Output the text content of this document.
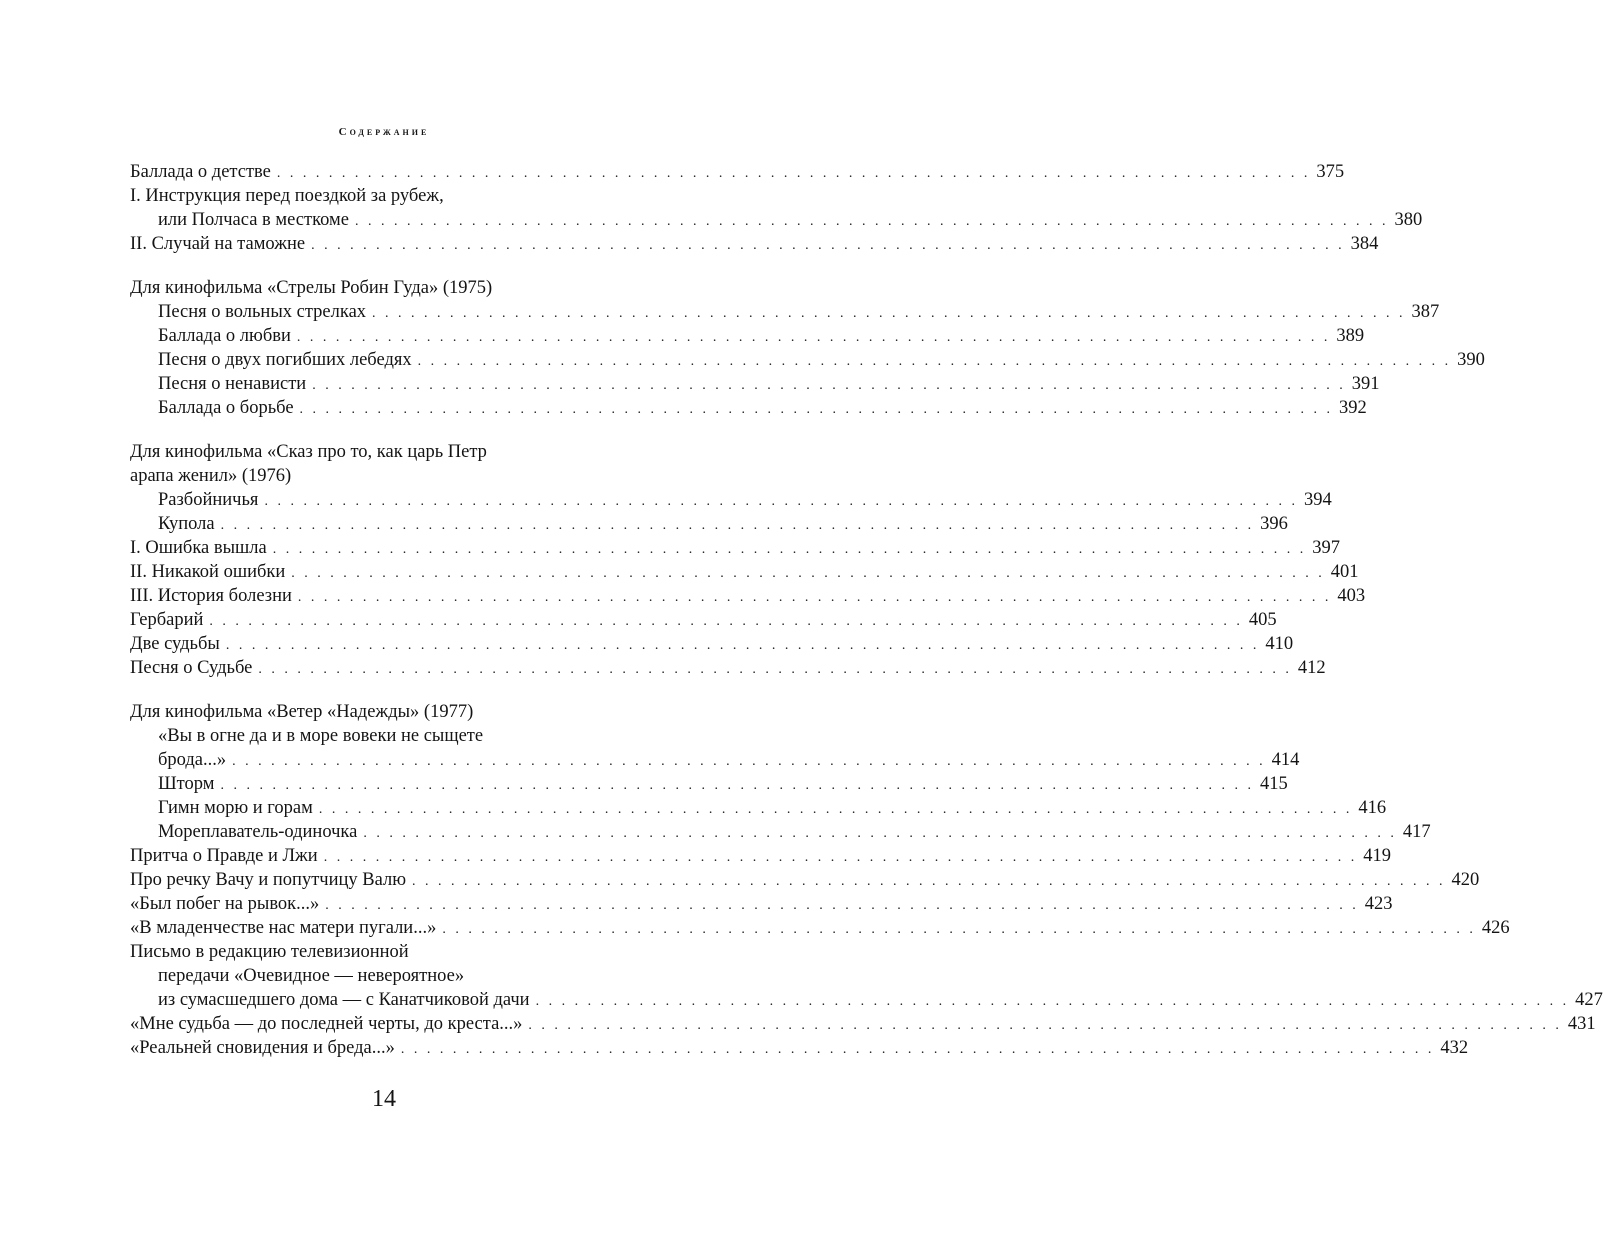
Содержание
Баллада о детстве . . . . . . . . . . . . . . . . . . . . . . . . . . . . . . . . . . . . . . . . . . . . . . . . . . . . . . . . . . . . . . . . . . . . . . . . . . . . . . . . 375
I. Инструкция перед поездкой за рубеж,
или Полчаса в месткоме . . . . . . . . . . . . . . . . . . . . . . . . . . . . . . . . . . . . . . . . . . . . . . . . . . . . . . . . . . . . . . . . . . . . . . . . . . . . . . . . 380
II. Случай на таможне . . . . . . . . . . . . . . . . . . . . . . . . . . . . . . . . . . . . . . . . . . . . . . . . . . . . . . . . . . . . . . . . . . . . . . . . . . . . . . . . 384
Для кинофильма «Стрелы Робин Гуда» (1975)
Песня о вольных стрелках . . . . . . . . . . . . . . . . . . . . . . . . . . . . . . . . . . . . . . . . . . . . . . . . . . . . . . . . . . . . . . . . . . . . . . . . . . . . . . . . 387
Баллада о любви . . . . . . . . . . . . . . . . . . . . . . . . . . . . . . . . . . . . . . . . . . . . . . . . . . . . . . . . . . . . . . . . . . . . . . . . . . . . . . . . 389
Песня о двух погибших лебедях . . . . . . . . . . . . . . . . . . . . . . . . . . . . . . . . . . . . . . . . . . . . . . . . . . . . . . . . . . . . . . . . . . . . . . . . . . . . . . . . 390
Песня о ненависти . . . . . . . . . . . . . . . . . . . . . . . . . . . . . . . . . . . . . . . . . . . . . . . . . . . . . . . . . . . . . . . . . . . . . . . . . . . . . . . . 391
Баллада о борьбе . . . . . . . . . . . . . . . . . . . . . . . . . . . . . . . . . . . . . . . . . . . . . . . . . . . . . . . . . . . . . . . . . . . . . . . . . . . . . . . . 392
Для кинофильма «Сказ про то, как царь Петр
арапа женил» (1976)
Разбойничья . . . . . . . . . . . . . . . . . . . . . . . . . . . . . . . . . . . . . . . . . . . . . . . . . . . . . . . . . . . . . . . . . . . . . . . . . . . . . . . . 394
Купола . . . . . . . . . . . . . . . . . . . . . . . . . . . . . . . . . . . . . . . . . . . . . . . . . . . . . . . . . . . . . . . . . . . . . . . . . . . . . . . . 396
I. Ошибка вышла . . . . . . . . . . . . . . . . . . . . . . . . . . . . . . . . . . . . . . . . . . . . . . . . . . . . . . . . . . . . . . . . . . . . . . . . . . . . . . . . 397
II. Никакой ошибки . . . . . . . . . . . . . . . . . . . . . . . . . . . . . . . . . . . . . . . . . . . . . . . . . . . . . . . . . . . . . . . . . . . . . . . . . . . . . . . . 401
III. История болезни . . . . . . . . . . . . . . . . . . . . . . . . . . . . . . . . . . . . . . . . . . . . . . . . . . . . . . . . . . . . . . . . . . . . . . . . . . . . . . . . 403
Гербарий . . . . . . . . . . . . . . . . . . . . . . . . . . . . . . . . . . . . . . . . . . . . . . . . . . . . . . . . . . . . . . . . . . . . . . . . . . . . . . . . 405
Две судьбы . . . . . . . . . . . . . . . . . . . . . . . . . . . . . . . . . . . . . . . . . . . . . . . . . . . . . . . . . . . . . . . . . . . . . . . . . . . . . . . . 410
Песня о Судьбе . . . . . . . . . . . . . . . . . . . . . . . . . . . . . . . . . . . . . . . . . . . . . . . . . . . . . . . . . . . . . . . . . . . . . . . . . . . . . . . . 412
Для кинофильма «Ветер «Надежды» (1977)
«Вы в огне да и в море вовеки не сыщете
брода...» . . . . . . . . . . . . . . . . . . . . . . . . . . . . . . . . . . . . . . . . . . . . . . . . . . . . . . . . . . . . . . . . . . . . . . . . . . . . . . . . 414
Шторм . . . . . . . . . . . . . . . . . . . . . . . . . . . . . . . . . . . . . . . . . . . . . . . . . . . . . . . . . . . . . . . . . . . . . . . . . . . . . . . . 415
Гимн морю и горам . . . . . . . . . . . . . . . . . . . . . . . . . . . . . . . . . . . . . . . . . . . . . . . . . . . . . . . . . . . . . . . . . . . . . . . . . . . . . . . . 416
Мореплаватель-одиночка . . . . . . . . . . . . . . . . . . . . . . . . . . . . . . . . . . . . . . . . . . . . . . . . . . . . . . . . . . . . . . . . . . . . . . . . . . . . . . . . 417
Притча о Правде и Лжи . . . . . . . . . . . . . . . . . . . . . . . . . . . . . . . . . . . . . . . . . . . . . . . . . . . . . . . . . . . . . . . . . . . . . . . . . . . . . . . . 419
Про речку Вачу и попутчицу Валю . . . . . . . . . . . . . . . . . . . . . . . . . . . . . . . . . . . . . . . . . . . . . . . . . . . . . . . . . . . . . . . . . . . . . . . . . . . . . . . . 420
«Был побег на рывок...» . . . . . . . . . . . . . . . . . . . . . . . . . . . . . . . . . . . . . . . . . . . . . . . . . . . . . . . . . . . . . . . . . . . . . . . . . . . . . . . . 423
«В младенчестве нас матери пугали...» . . . . . . . . . . . . . . . . . . . . . . . . . . . . . . . . . . . . . . . . . . . . . . . . . . . . . . . . . . . . . . . . . . . . . . . . . . . . . . . . 426
Письмо в редакцию телевизионной
передачи «Очевидное — невероятное»
из сумасшедшего дома — с Канатчиковой дачи . . . . . . . . . . . . . . . . . . . . . . . . . . . . . . . . . . . . . . . . . . . . . . . . . . . . . . . . . . . . . . . . . . . . . . . . . . . . . . . . 427
«Мне судьба — до последней черты, до креста...» . . . . . . . . . . . . . . . . . . . . . . . . . . . . . . . . . . . . . . . . . . . . . . . . . . . . . . . . . . . . . . . . . . . . . . . . . . . . . . . . 431
«Реальней сновидения и бреда...» . . . . . . . . . . . . . . . . . . . . . . . . . . . . . . . . . . . . . . . . . . . . . . . . . . . . . . . . . . . . . . . . . . . . . . . . . . . . . . . . 432
14
